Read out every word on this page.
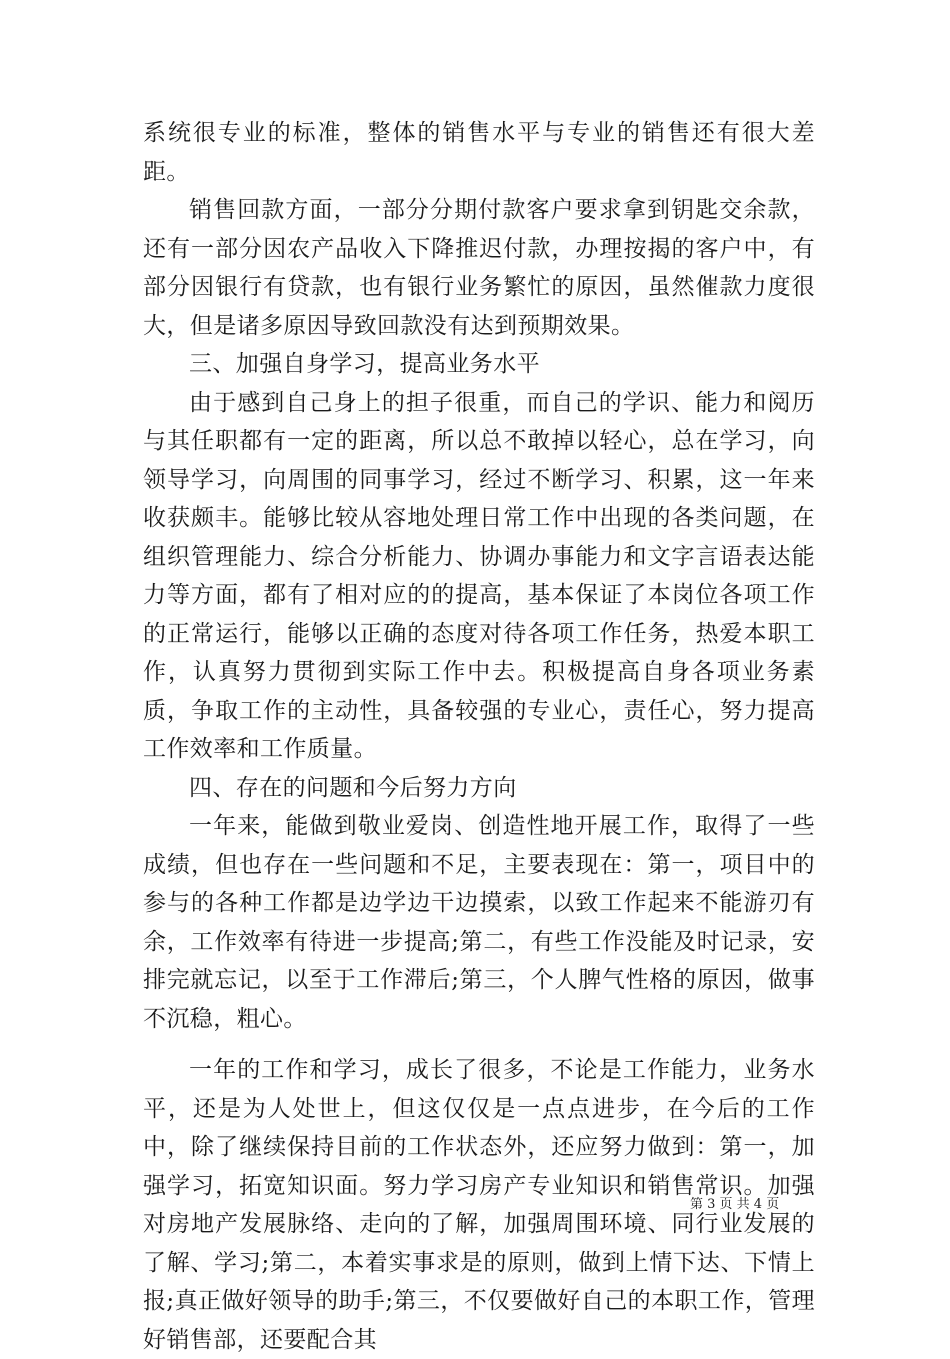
系统很专业的标准，整体的销售水平与专业的销售还有很大差距。

销售回款方面，一部分分期付款客户要求拿到钥匙交余款，还有一部分因农产品收入下降推迟付款，办理按揭的客户中，有部分因银行有贷款，也有银行业务繁忙的原因，虽然催款力度很大，但是诸多原因导致回款没有达到预期效果。

三、加强自身学习，提高业务水平

由于感到自己身上的担子很重，而自己的学识、能力和阅历与其任职都有一定的距离，所以总不敢掉以轻心，总在学习，向领导学习，向周围的同事学习，经过不断学习、积累，这一年来收获颇丰。能够比较从容地处理日常工作中出现的各类问题，在组织管理能力、综合分析能力、协调办事能力和文字言语表达能力等方面，都有了相对应的的提高，基本保证了本岗位各项工作的正常运行，能够以正确的态度对待各项工作任务，热爱本职工作，认真努力贯彻到实际工作中去。积极提高自身各项业务素质，争取工作的主动性，具备较强的专业心，责任心，努力提高工作效率和工作质量。

四、存在的问题和今后努力方向

一年来，能做到敬业爱岗、创造性地开展工作，取得了一些成绩，但也存在一些问题和不足，主要表现在：第一，项目中的参与的各种工作都是边学边干边摸索，以致工作起来不能游刃有余，工作效率有待进一步提高;第二，有些工作没能及时记录，安排完就忘记，以至于工作滞后;第三，个人脾气性格的原因，做事不沉稳，粗心。

一年的工作和学习，成长了很多，不论是工作能力，业务水平，还是为人处世上，但这仅仅是一点点进步，在今后的工作中，除了继续保持目前的工作状态外，还应努力做到：第一，加强学习，拓宽知识面。努力学习房产专业知识和销售常识。加强对房地产发展脉络、走向的了解，加强周围环境、同行业发展的了解、学习;第二，本着实事求是的原则，做到上情下达、下情上报;真正做好领导的助手;第三，不仅要做好自己的本职工作，管理好销售部，还要配合其

第 3 页 共 4 页
